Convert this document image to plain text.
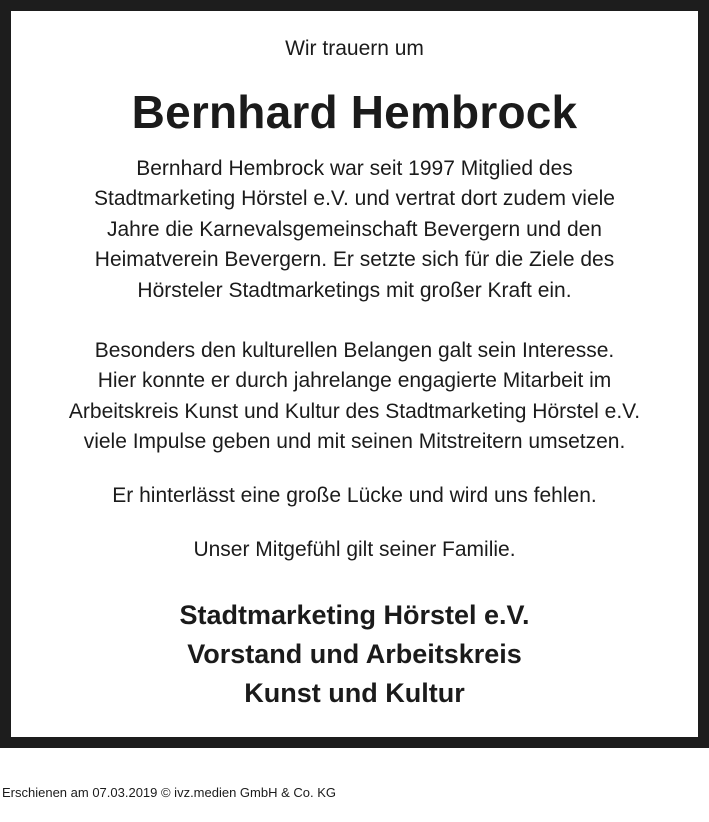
Wir trauern um
Bernhard Hembrock
Bernhard Hembrock war seit 1997 Mitglied des
Stadtmarketing Hörstel e.V. und vertrat dort zudem viele
Jahre die Karnevalsgemeinschaft Bevergern und den
Heimatverein Bevergern. Er setzte sich für die Ziele des
Hörsteler Stadtmarketings mit großer Kraft ein.
Besonders den kulturellen Belangen galt sein Interesse.
Hier konnte er durch jahrelange engagierte Mitarbeit im
Arbeitskreis Kunst und Kultur des Stadtmarketing Hörstel e.V.
viele Impulse geben und mit seinen Mitstreitern umsetzen.
Er hinterlässt eine große Lücke und wird uns fehlen.
Unser Mitgefühl gilt seiner Familie.
Stadtmarketing Hörstel e.V.
Vorstand und Arbeitskreis
Kunst und Kultur
Erschienen am 07.03.2019 © ivz.medien GmbH & Co. KG
